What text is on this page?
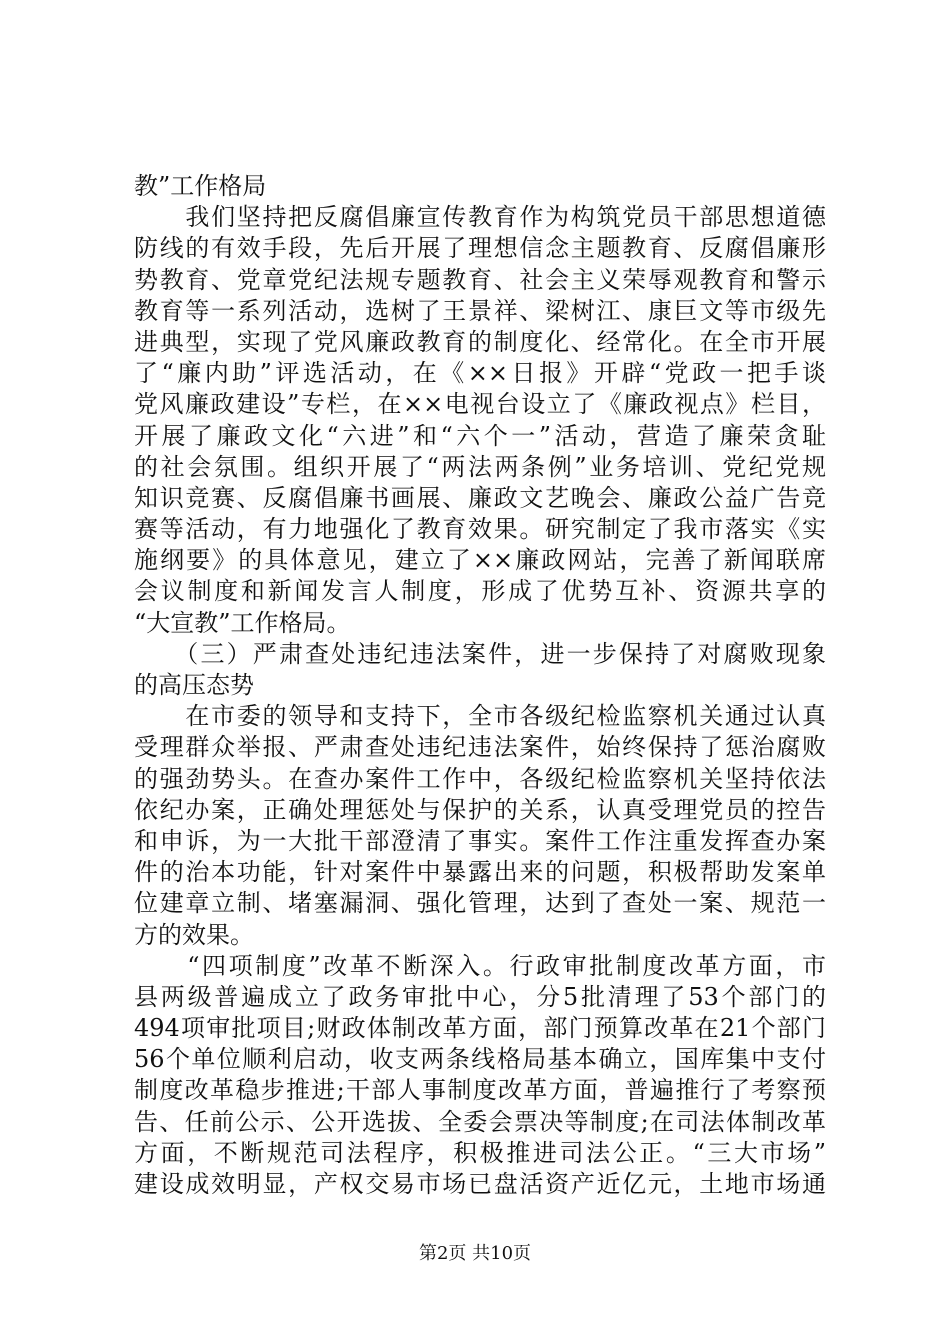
教”工作格局
　　我们坚持把反腐倡廉宣传教育作为构筑党员干部思想道德
防线的有效手段，先后开展了理想信念主题教育、反腐倡廉形
势教育、党章党纪法规专题教育、社会主义荣辱观教育和警示
教育等一系列活动，选树了王景祥、梁树江、康巨文等市级先
进典型，实现了党风廉政教育的制度化、经常化。在全市开展
了“廉内助”评选活动，在《××日报》开辟“党政一把手谈
党风廉政建设”专栏，在××电视台设立了《廉政视点》栏目，
开展了廉政文化“六进”和“六个一”活动，营造了廉荣贪耻
的社会氛围。组织开展了“两法两条例”业务培训、党纪党规
知识竞赛、反腐倡廉书画展、廉政文艺晚会、廉政公益广告竞
赛等活动，有力地强化了教育效果。研究制定了我市落实《实
施纲要》的具体意见，建立了××廉政网站，完善了新闻联席
会议制度和新闻发言人制度，形成了优势互补、资源共享的
“大宣教”工作格局。
　　（三）严肃查处违纪违法案件，进一步保持了对腐败现象
的高压态势
　　在市委的领导和支持下，全市各级纪检监察机关通过认真
受理群众举报、严肃查处违纪违法案件，始终保持了惩治腐败
的强劲势头。在查办案件工作中，各级纪检监察机关坚持依法
依纪办案，正确处理惩处与保护的关系，认真受理党员的控告
和申诉，为一大批干部澄清了事实。案件工作注重发挥查办案
件的治本功能，针对案件中暴露出来的问题，积极帮助发案单
位建章立制、堵塞漏洞、强化管理，达到了查处一案、规范一
方的效果。
　　“四项制度”改革不断深入。行政审批制度改革方面，市
县两级普遍成立了政务审批中心，分5批清理了53个部门的
494项审批项目;财政体制改革方面，部门预算改革在21个部门
56个单位顺利启动，收支两条线格局基本确立，国库集中支付
制度改革稳步推进;干部人事制度改革方面，普遍推行了考察预
告、任前公示、公开选拔、全委会票决等制度;在司法体制改革
方面，不断规范司法程序，积极推进司法公正。“三大市场”
建设成效明显，产权交易市场已盘活资产近亿元，土地市场通
第2页 共10页
